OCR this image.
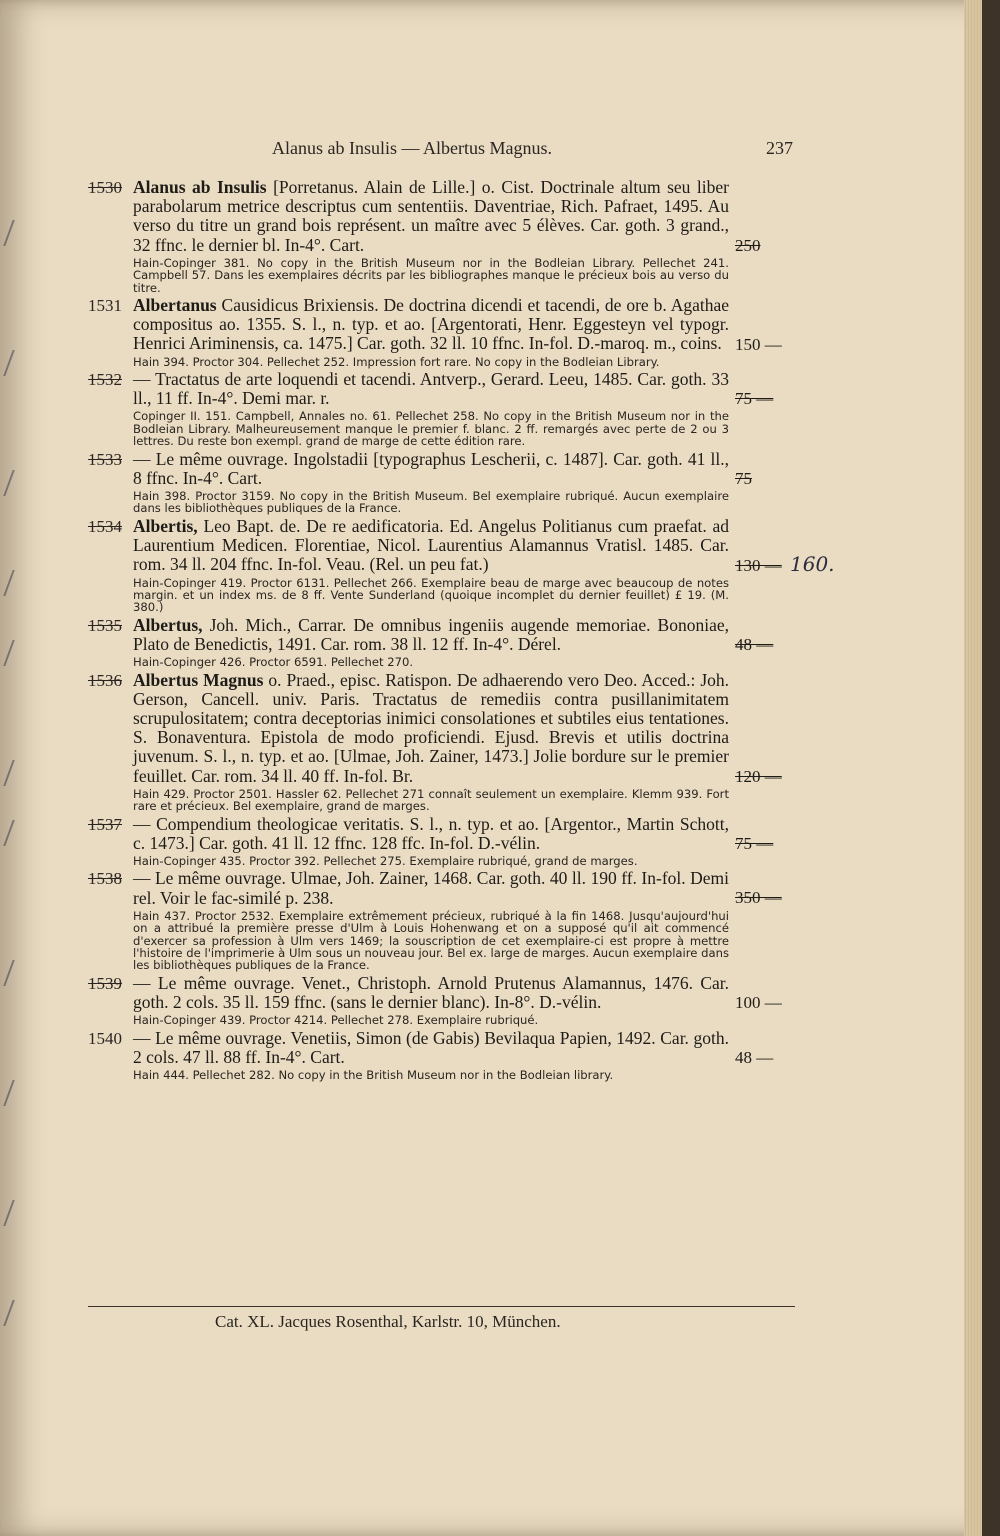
Alanus ab Insulis — Albertus Magnus.	237
1530 Alanus ab Insulis [Porretanus. Alain de Lille.] o. Cist. Doctrinale altum seu liber parabolarum metrice descriptus cum sententiis. Daventriae, Rich. Pafraet, 1495. Au verso du titre un grand bois représent. un maître avec 5 élèves. Car. goth. 3 grand., 32 ffnc. le dernier bl. In-4°. Cart.	250
Hain-Copinger 381. No copy in the British Museum nor in the Bodleian Library. Pellechet 241. Campbell 57. Dans les exemplaires décrits par les bibliographes manque le précieux bois au verso du titre.
1531 Albertanus Causidicus Brixiensis. De doctrina dicendi et tacendi, de ore b. Agathae compositus ao. 1355. S. l., n. typ. et ao. [Argentorati, Henr. Eggesteyn vel typogr. Henrici Ariminensis, ca. 1475.] Car. goth. 32 ll. 10 ffnc. In-fol. D.-maroq. m., coins. 150 —
Hain 394. Proctor 304. Pellechet 252. Impression fort rare. No copy in the Bodleian Library.
1532 — Tractatus de arte loquendi et tacendi. Antverp., Gerard. Leeu, 1485. Car. goth. 33 ll., 11 ff. In-4°. Demi mar. r.	75 —
Copinger II. 151. Campbell, Annales no. 61. Pellechet 258. No copy in the British Museum nor in the Bodleian Library. Malheureusement manque le premier f. blanc. 2 ff. remargés avec perte de 2 ou 3 lettres. Du reste bon exempl. grand de marge de cette édition rare.
1533 — Le même ouvrage. Ingolstadii [typographus Lescherii, c. 1487]. Car. goth. 41 ll., 8 ffnc. In-4°. Cart.	75
Hain 398. Proctor 3159. No copy in the British Museum. Bel exemplaire rubriqué. Aucun exemplaire dans les bibliothèques publiques de la France.
1534 Albertis, Leo Bapt. de. De re aedificatoria. Ed. Angelus Politianus cum praefat. ad Laurentium Medicen. Florentiae, Nicol. Laurentius Alamannus Vratisl. 1485. Car. rom. 34 ll. 204 ffnc. In-fol. Veau. (Rel. un peu fat.)	130 — 160.
Hain-Copinger 419. Proctor 6131. Pellechet 266. Exemplaire beau de marge avec beaucoup de notes margin. et un index ms. de 8 ff. Vente Sunderland (quoique incomplet du dernier feuillet) £ 19. (M. 380.)
1535 Albertus, Joh. Mich., Carrar. De omnibus ingeniis augende memoriae. Bononiae, Plato de Benedictis, 1491. Car. rom. 38 ll. 12 ff. In-4°. Dérel.	48 —
Hain-Copinger 426. Proctor 6591. Pellechet 270.
1536 Albertus Magnus o. Praed., episc. Ratispon. De adhaerendo vero Deo. Acced.: Joh. Gerson, Cancell. univ. Paris. Tractatus de remediis contra pusillanimitatem scrupulositatem; contra deceptorias inimici consolationes et subtiles eius tentationes. S. Bonaventura. Epistola de modo proficiendi. Ejusd. Brevis et utilis doctrina juvenum. S. l., n. typ. et ao. [Ulmae, Joh. Zainer, 1473.] Jolie bordure sur le premier feuillet. Car. rom. 34 ll. 40 ff. In-fol. Br.	120 —
Hain 429. Proctor 2501. Hassler 62. Pellechet 271 connaît seulement un exemplaire. Klemm 939. Fort rare et précieux. Bel exemplaire, grand de marges.
1537 — Compendium theologicae veritatis. S. l., n. typ. et ao. [Argentor., Martin Schott, c. 1473.] Car. goth. 41 ll. 12 ffnc. 128 ffc. In-fol. D.-vélin.	75 —
Hain-Copinger 435. Proctor 392. Pellechet 275. Exemplaire rubriqué, grand de marges.
1538 — Le même ouvrage. Ulmae, Joh. Zainer, 1468. Car. goth. 40 ll. 190 ff. In-fol. Demi rel. Voir le fac-similé p. 238.	350 —
Hain 437. Proctor 2532. Exemplaire extrêmement précieux, rubriqué à la fin 1468. Jusqu'aujourd'hui on a attribué la première presse d'Ulm à Louis Hohenwang et on a supposé qu'il ait commencé d'exercer sa profession à Ulm vers 1469; la souscription de cet exemplaire-ci est propre à mettre l'histoire de l'imprimerie à Ulm sous un nouveau jour. Bel ex. large de marges. Aucun exemplaire dans les bibliothèques publiques de la France.
1539 — Le même ouvrage. Venet., Christoph. Arnold Prutenus Alamannus, 1476. Car. goth. 2 cols. 35 ll. 159 ffnc. (sans le dernier blanc). In-8°. D.-vélin.	100 —
Hain-Copinger 439. Proctor 4214. Pellechet 278. Exemplaire rubriqué.
1540 — Le même ouvrage. Venetiis, Simon (de Gabis) Bevilaqua Papien, 1492. Car. goth. 2 cols. 47 ll. 88 ff. In-4°. Cart.	48 —
Hain 444. Pellechet 282. No copy in the British Museum nor in the Bodleian library.
Cat. XL. Jacques Rosenthal, Karlstr. 10, München.
